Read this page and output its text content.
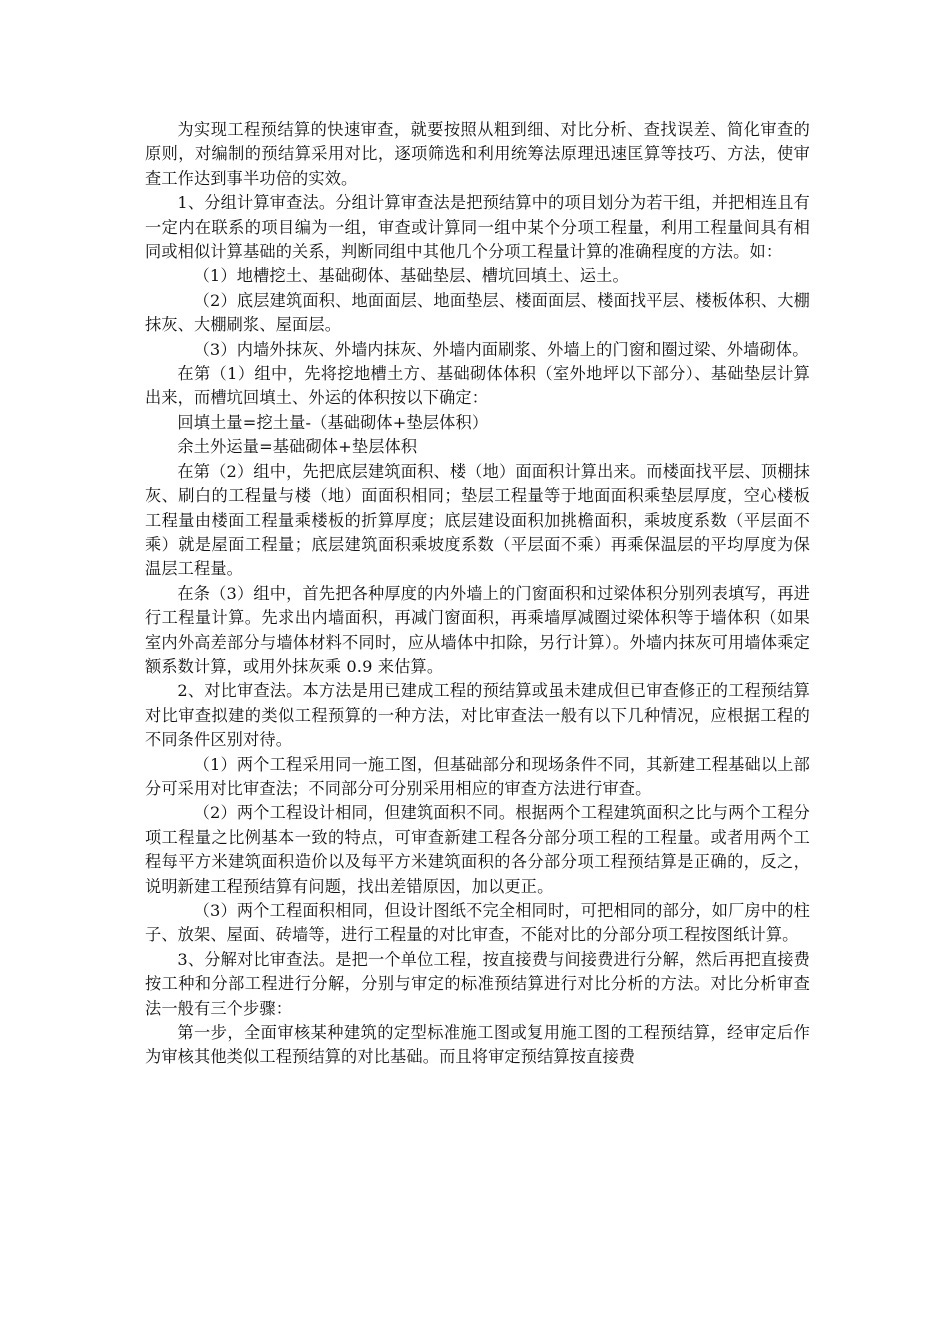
为实现工程预结算的快速审查，就要按照从粗到细、对比分析、查找误差、简化审查的原则，对编制的预结算采用对比，逐项筛选和利用统筹法原理迅速匡算等技巧、方法，使审查工作达到事半功倍的实效。

1、分组计算审查法。分组计算审查法是把预结算中的项目划分为若干组，并把相连且有一定内在联系的项目编为一组，审查或计算同一组中某个分项工程量，利用工程量间具有相同或相似计算基础的关系，判断同组中其他几个分项工程量计算的准确程度的方法。如：

（1）地槽挖土、基础砌体、基础垫层、槽坑回填土、运土。

（2）底层建筑面积、地面面层、地面垫层、楼面面层、楼面找平层、楼板体积、大棚抹灰、大棚刷浆、屋面层。

（3）内墙外抹灰、外墙内抹灰、外墙内面刷浆、外墙上的门窗和圈过梁、外墙砌体。

在第（1）组中，先将挖地槽土方、基础砌体体积（室外地坪以下部分）、基础垫层计算出来，而槽坑回填土、外运的体积按以下确定：

回填土量=挖土量-（基础砌体+垫层体积）

余土外运量=基础砌体+垫层体积

在第（2）组中，先把底层建筑面积、楼（地）面面积计算出来。而楼面找平层、顶棚抹灰、刷白的工程量与楼（地）面面积相同；垫层工程量等于地面面积乘垫层厚度，空心楼板工程量由楼面工程量乘楼板的折算厚度；底层建设面积加挑檐面积，乘坡度系数（平层面不乘）就是屋面工程量；底层建筑面积乘坡度系数（平层面不乘）再乘保温层的平均厚度为保温层工程量。

在条（3）组中，首先把各种厚度的内外墙上的门窗面积和过梁体积分别列表填写，再进行工程量计算。先求出内墙面积，再减门窗面积，再乘墙厚减圈过梁体积等于墙体积（如果室内外高差部分与墙体材料不同时，应从墙体中扣除，另行计算）。外墙内抹灰可用墙体乘定额系数计算，或用外抹灰乘 0.9 来估算。

2、对比审查法。本方法是用已建成工程的预结算或虽未建成但已审查修正的工程预结算对比审查拟建的类似工程预算的一种方法，对比审查法一般有以下几种情况，应根据工程的不同条件区别对待。

（1）两个工程采用同一施工图，但基础部分和现场条件不同，其新建工程基础以上部分可采用对比审查法；不同部分可分别采用相应的审查方法进行审查。

（2）两个工程设计相同，但建筑面积不同。根据两个工程建筑面积之比与两个工程分项工程量之比例基本一致的特点，可审查新建工程各分部分项工程的工程量。或者用两个工程每平方米建筑面积造价以及每平方米建筑面积的各分部分项工程预结算是正确的，反之，说明新建工程预结算有问题，找出差错原因，加以更正。

（3）两个工程面积相同，但设计图纸不完全相同时，可把相同的部分，如厂房中的柱子、放架、屋面、砖墙等，进行工程量的对比审查，不能对比的分部分项工程按图纸计算。

3、分解对比审查法。是把一个单位工程，按直接费与间接费进行分解，然后再把直接费按工种和分部工程进行分解，分别与审定的标准预结算进行对比分析的方法。对比分析审查法一般有三个步骤：

第一步，全面审核某种建筑的定型标准施工图或复用施工图的工程预结算，经审定后作为审核其他类似工程预结算的对比基础。而且将审定预结算按直接费
